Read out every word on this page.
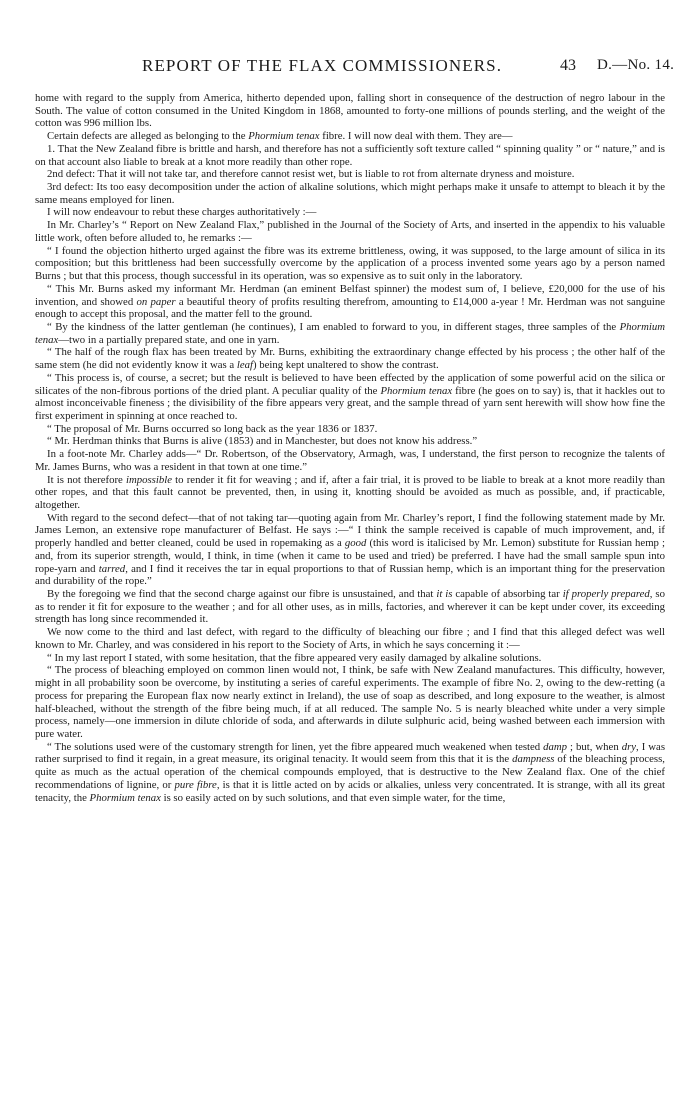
REPORT OF THE FLAX COMMISSIONERS.	43 D.—No. 14.

home with regard to the supply from America, hitherto depended upon, falling short in consequence of the destruction of negro labour in the South. The value of cotton consumed in the United Kingdom in 1868, amounted to forty-one millions of pounds sterling, and the weight of the cotton was 996 million lbs.

Certain defects are alleged as belonging to the Phormium tenax fibre. I will now deal with them. They are—

1. That the New Zealand fibre is brittle and harsh, and therefore has not a sufficiently soft texture called “ spinning quality ” or “ nature,” and is on that account also liable to break at a knot more readily than other rope.

2nd defect: That it will not take tar, and therefore cannot resist wet, but is liable to rot from alternate dryness and moisture.

3rd defect: Its too easy decomposition under the action of alkaline solutions, which might perhaps make it unsafe to attempt to bleach it by the same means employed for linen.

I will now endeavour to rebut these charges authoritatively :—

In Mr. Charley’s “ Report on New Zealand Flax,” published in the Journal of the Society of Arts, and inserted in the appendix to his valuable little work, often before alluded to, he remarks :—

“ I found the objection hitherto urged against the fibre was its extreme brittleness, owing, it was supposed, to the large amount of silica in its composition; but this brittleness had been successfully overcome by the application of a process invented some years ago by a person named Burns ; but that this process, though successful in its operation, was so expensive as to suit only in the laboratory.

“ This Mr. Burns asked my informant Mr. Herdman (an eminent Belfast spinner) the modest sum of, I believe, £20,000 for the use of his invention, and showed on paper a beautiful theory of profits resulting therefrom, amounting to £14,000 a-year ! Mr. Herdman was not sanguine enough to accept this proposal, and the matter fell to the ground.

“ By the kindness of the latter gentleman (he continues), I am enabled to forward to you, in different stages, three samples of the Phormium tenax—two in a partially prepared state, and one in yarn.

“ The half of the rough flax has been treated by Mr. Burns, exhibiting the extraordinary change effected by his process ; the other half of the same stem (he did not evidently know it was a leaf) being kept unaltered to show the contrast.

“ This process is, of course, a secret; but the result is believed to have been effected by the application of some powerful acid on the silica or silicates of the non-fibrous portions of the dried plant. A peculiar quality of the Phormium tenax fibre (he goes on to say) is, that it hackles out to almost inconceivable fineness ; the divisibility of the fibre appears very great, and the sample thread of yarn sent herewith will show how fine the first experiment in spinning at once reached to.

“ The proposal of Mr. Burns occurred so long back as the year 1836 or 1837.

“ Mr. Herdman thinks that Burns is alive (1853) and in Manchester, but does not know his address.”

In a foot-note Mr. Charley adds—“ Dr. Robertson, of the Observatory, Armagh, was, I understand, the first person to recognize the talents of Mr. James Burns, who was a resident in that town at one time.”

It is not therefore impossible to render it fit for weaving ; and if, after a fair trial, it is proved to be liable to break at a knot more readily than other ropes, and that this fault cannot be prevented, then, in using it, knotting should be avoided as much as possible, and, if practicable, altogether.

With regard to the second defect—that of not taking tar—quoting again from Mr. Charley’s report, I find the following statement made by Mr. James Lemon, an extensive rope manufacturer of Belfast. He says :—“ I think the sample received is capable of much improvement, and, if properly handled and better cleaned, could be used in ropemaking as a good (this word is italicised by Mr. Lemon) substitute for Russian hemp ; and, from its superior strength, would, I think, in time (when it came to be used and tried) be preferred. I have had the small sample spun into rope-yarn and tarred, and I find it receives the tar in equal proportions to that of Russian hemp, which is an important thing for the preservation and durability of the rope.”

By the foregoing we find that the second charge against our fibre is unsustained, and that it is capable of absorbing tar if properly prepared, so as to render it fit for exposure to the weather ; and for all other uses, as in mills, factories, and wherever it can be kept under cover, its exceeding strength has long since recommended it.

We now come to the third and last defect, with regard to the difficulty of bleaching our fibre ; and I find that this alleged defect was well known to Mr. Charley, and was considered in his report to the Society of Arts, in which he says concerning it :—

“ In my last report I stated, with some hesitation, that the fibre appeared very easily damaged by alkaline solutions.

“ The process of bleaching employed on common linen would not, I think, be safe with New Zealand manufactures. This difficulty, however, might in all probability soon be overcome, by instituting a series of careful experiments. The example of fibre No. 2, owing to the dew-retting (a process for preparing the European flax now nearly extinct in Ireland), the use of soap as described, and long exposure to the weather, is almost half-bleached, without the strength of the fibre being much, if at all reduced. The sample No. 5 is nearly bleached white under a very simple process, namely—one immersion in dilute chloride of soda, and afterwards in dilute sulphuric acid, being washed between each immersion with pure water.

“ The solutions used were of the customary strength for linen, yet the fibre appeared much weakened when tested damp ; but, when dry, I was rather surprised to find it regain, in a great measure, its original tenacity. It would seem from this that it is the dampness of the bleaching process, quite as much as the actual operation of the chemical compounds employed, that is destructive to the New Zealand flax. One of the chief recommendations of lignine, or pure fibre, is that it is little acted on by acids or alkalies, unless very concentrated. It is strange, with all its great tenacity, the Phormium tenax is so easily acted on by such solutions, and that even simple water, for the time,
